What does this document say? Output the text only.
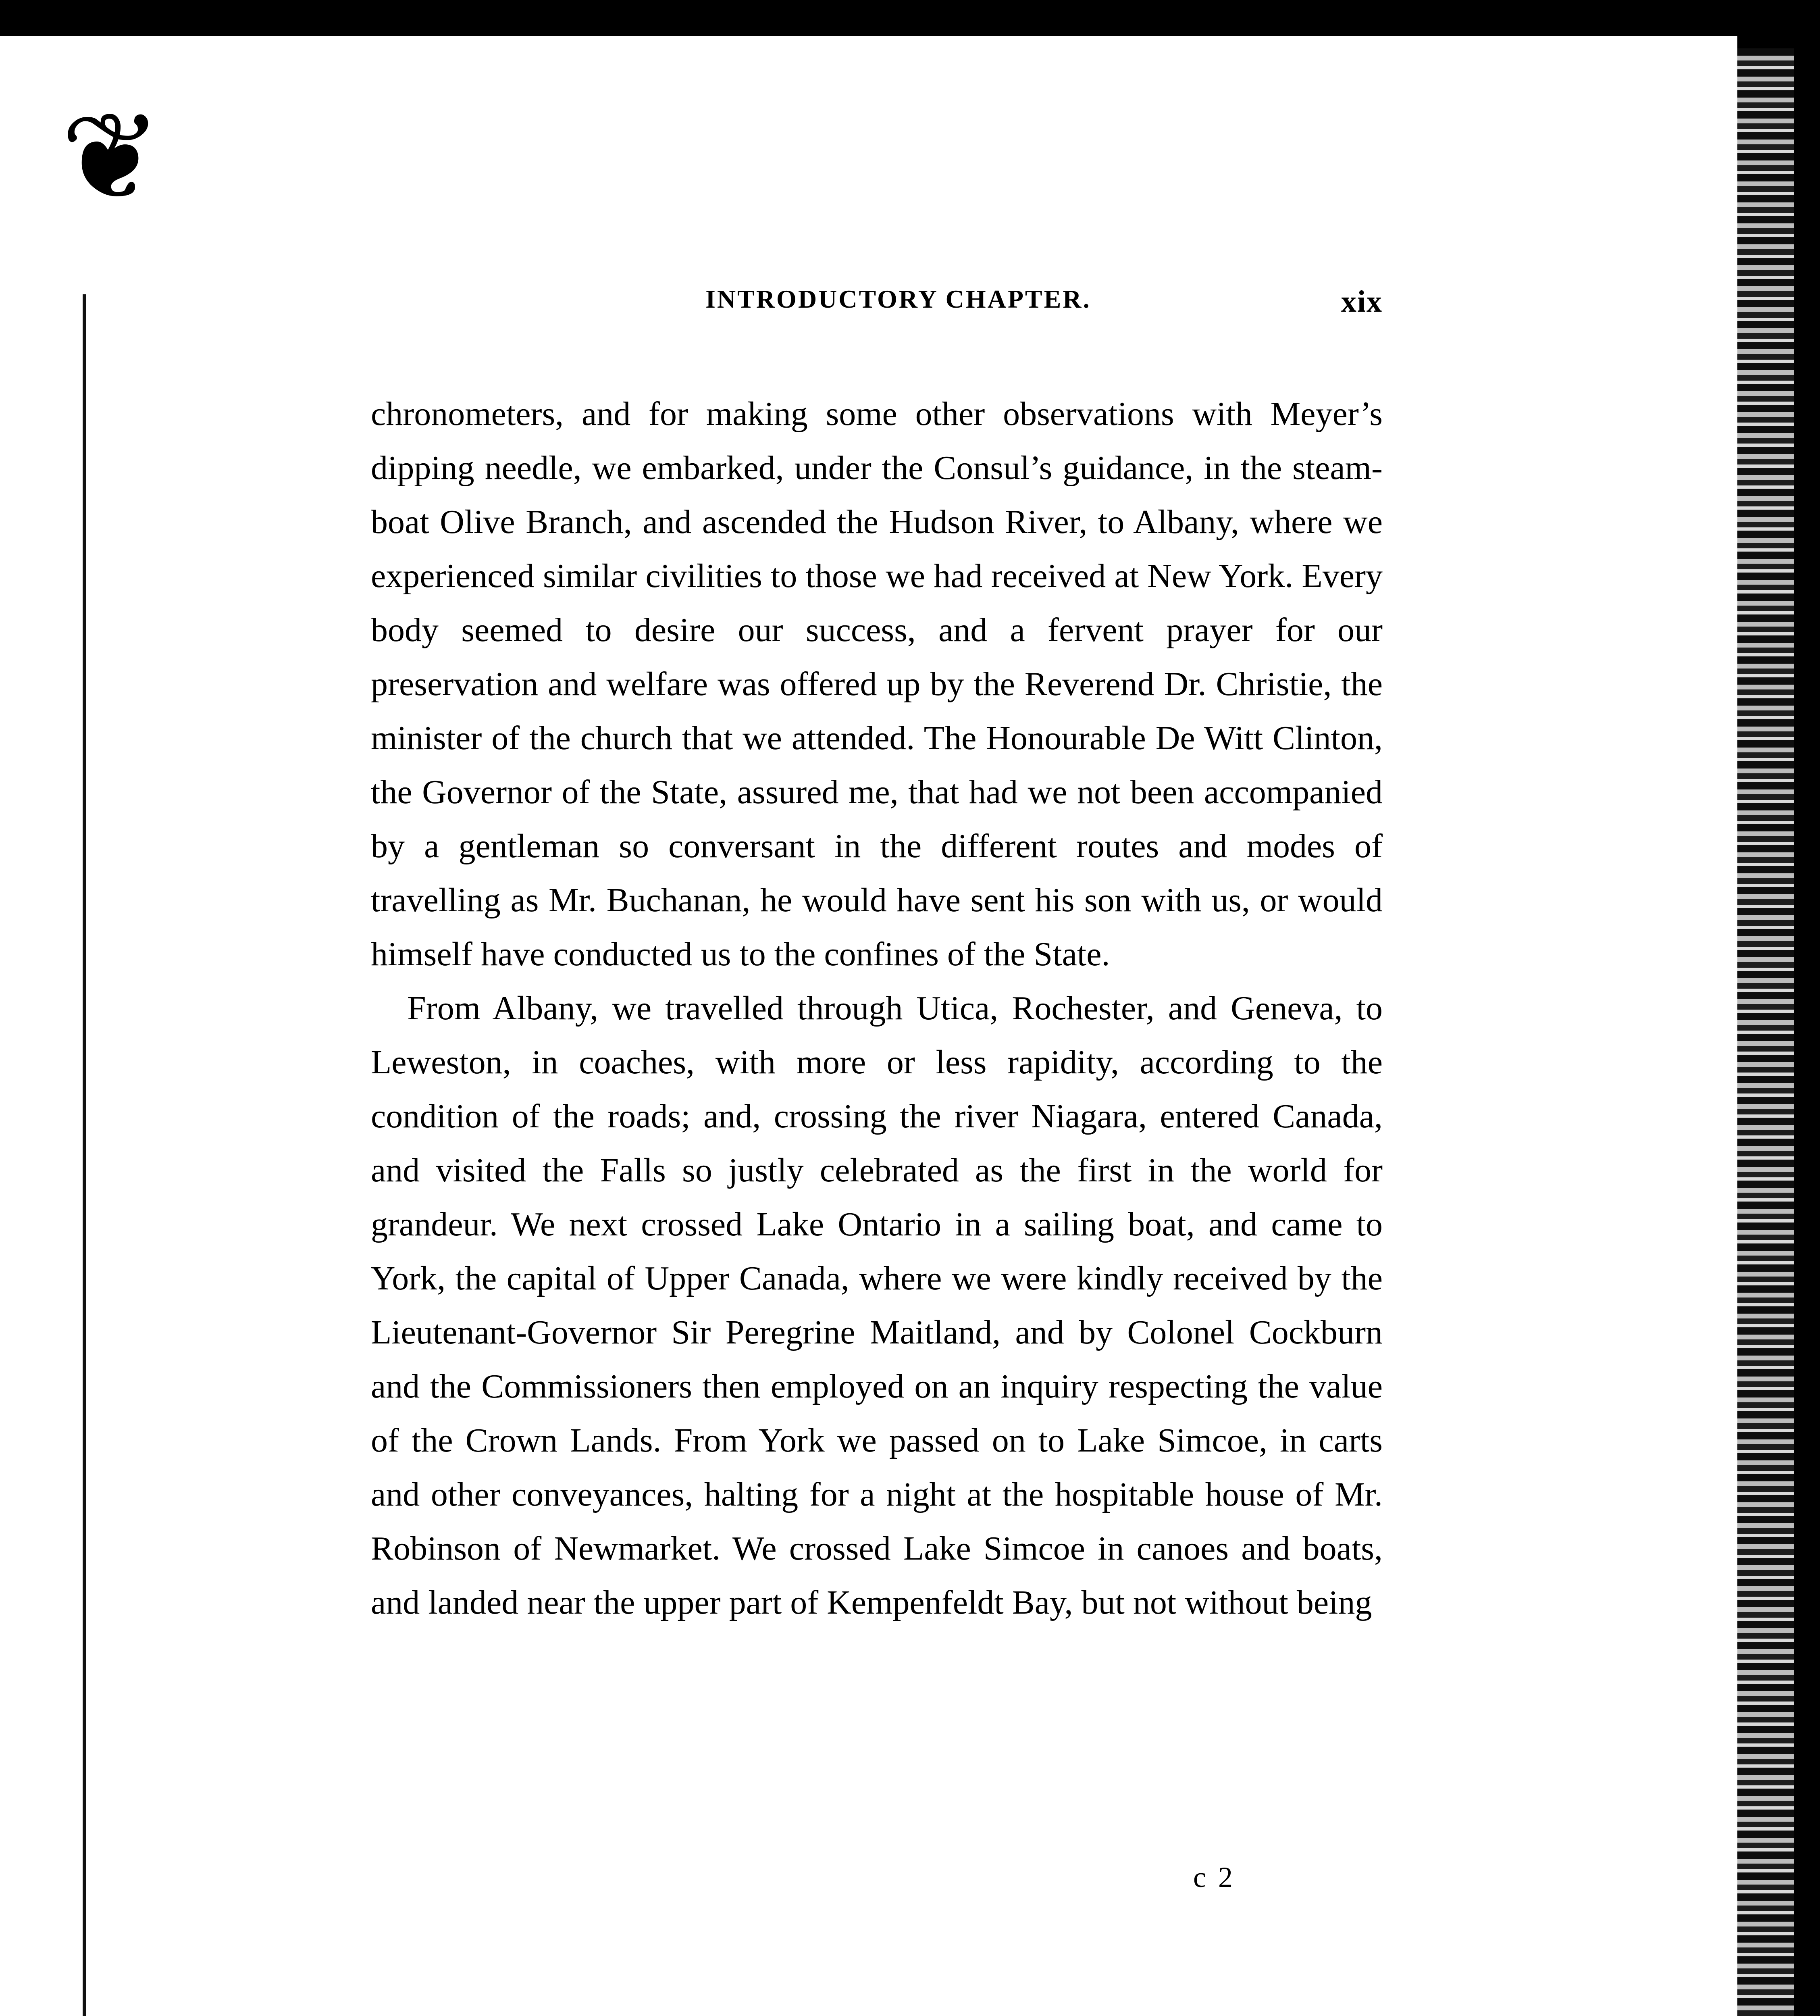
❦
INTRODUCTORY CHAPTER.	xix

chronometers, and for making some other observations with Meyer’s dipping needle, we embarked, under the Consul’s guidance, in the steam-boat Olive Branch, and ascended the Hudson River, to Albany, where we experienced similar civilities to those we had received at New York. Every body seemed to desire our success, and a fervent prayer for our preservation and welfare was offered up by the Reverend Dr. Christie, the minister of the church that we attended. The Honourable De Witt Clinton, the Governor of the State, assured me, that had we not been accompanied by a gentleman so conversant in the different routes and modes of travelling as Mr. Buchanan, he would have sent his son with us, or would himself have conducted us to the confines of the State.

From Albany, we travelled through Utica, Rochester, and Geneva, to Leweston, in coaches, with more or less rapidity, according to the condition of the roads; and, crossing the river Niagara, entered Canada, and visited the Falls so justly celebrated as the first in the world for grandeur. We next crossed Lake Ontario in a sailing boat, and came to York, the capital of Upper Canada, where we were kindly received by the Lieutenant-Governor Sir Peregrine Maitland, and by Colonel Cockburn and the Commissioners then employed on an inquiry respecting the value of the Crown Lands. From York we passed on to Lake Simcoe, in carts and other conveyances, halting for a night at the hospitable house of Mr. Robinson of Newmarket. We crossed Lake Simcoe in canoes and boats, and landed near the upper part of Kempenfeldt Bay, but not without being

c 2
